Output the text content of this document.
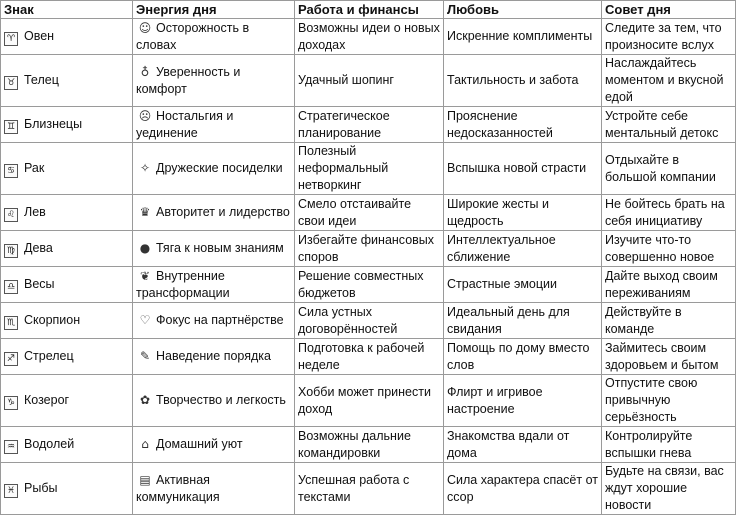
Знак	Энергия дня	Работа и финансы	Любовь	Совет дня
♈ Овен	☺ Осторожность в словах	Возможны идеи о новых доходах	Искренние комплименты	Следите за тем, что произносите вслух
♉ Телец	♁ Уверенность и комфорт	Удачный шопинг	Тактильность и забота	Наслаждайтесь моментом и вкусной едой
♊ Близнецы	☹ Ностальгия и уединение	Стратегическое планирование	Прояснение недосказанностей	Устройте себе ментальный детокс
♋ Рак	✧ Дружеские посиделки	Полезный неформальный нетворкинг	Вспышка новой страсти	Отдыхайте в большой компании
♌ Лев	♛ Авторитет и лидерство	Смело отстаивайте свои идеи	Широкие жесты и щедрость	Не бойтесь брать на себя инициативу
♍ Дева	● Тяга к новым знаниям	Избегайте финансовых споров	Интеллектуальное сближение	Изучите что-то совершенно новое
♎ Весы	❦ Внутренние трансформации	Решение совместных бюджетов	Страстные эмоции	Дайте выход своим переживаниям
♏ Скорпион	♡ Фокус на партнёрстве	Сила устных договорённостей	Идеальный день для свидания	Действуйте в команде
♐ Стрелец	✎ Наведение порядка	Подготовка к рабочей неделе	Помощь по дому вместо слов	Займитесь своим здоровьем и бытом
♑ Козерог	✿ Творчество и легкость	Хобби может принести доход	Флирт и игривое настроение	Отпустите свою привычную серьёзность
♒ Водолей	⌂ Домашний уют	Возможны дальние командировки	Знакомства вдали от дома	Контролируйте вспышки гнева
♓ Рыбы	▤ Активная коммуникация	Успешная работа с текстами	Сила характера спасёт от ссор	Будьте на связи, вас ждут хорошие новости
